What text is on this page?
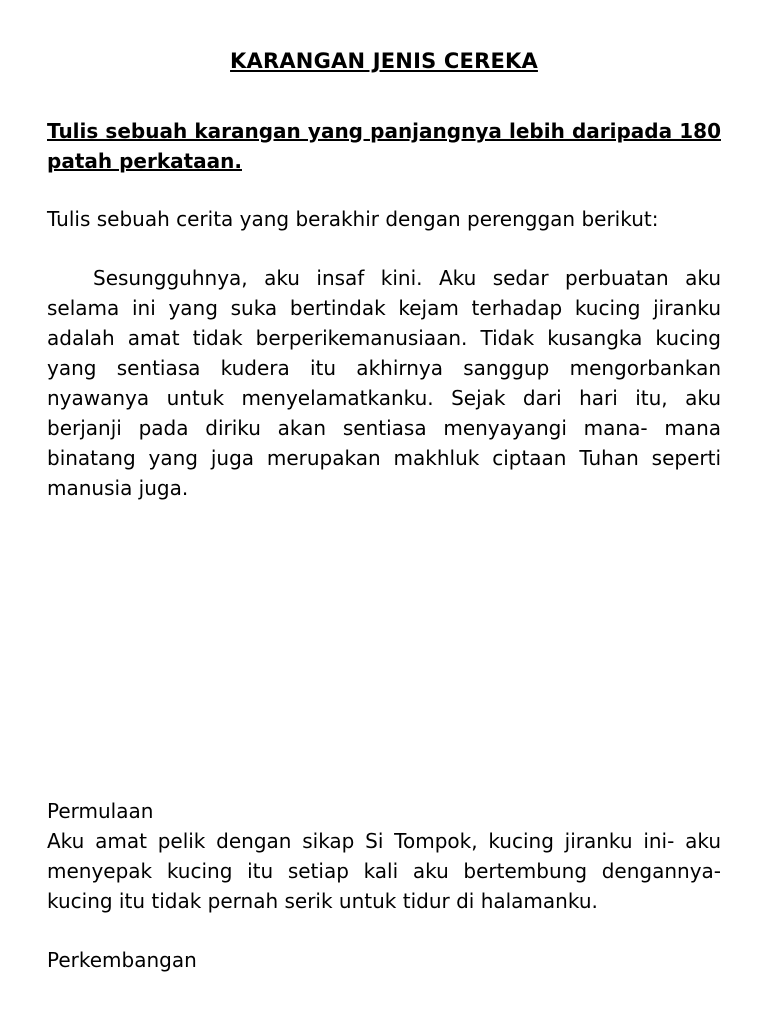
KARANGAN JENIS CEREKA

Tulis sebuah karangan yang panjangnya lebih daripada 180 patah perkataan.

Tulis sebuah cerita yang berakhir dengan perenggan berikut:

Sesungguhnya, aku insaf kini. Aku sedar perbuatan aku selama ini yang suka bertindak kejam terhadap kucing jiranku adalah amat tidak berperikemanusiaan. Tidak kusangka kucing yang sentiasa kudera itu akhirnya sanggup mengorbankan nyawanya untuk menyelamatkanku. Sejak dari hari itu, aku berjanji pada diriku akan sentiasa menyayangi mana- mana binatang yang juga merupakan makhluk ciptaan Tuhan seperti manusia juga.

Permulaan

Aku amat pelik dengan sikap Si Tompok, kucing jiranku ini- aku menyepak kucing itu setiap kali aku bertembung dengannya- kucing itu tidak pernah serik untuk tidur di halamanku.

Perkembangan
